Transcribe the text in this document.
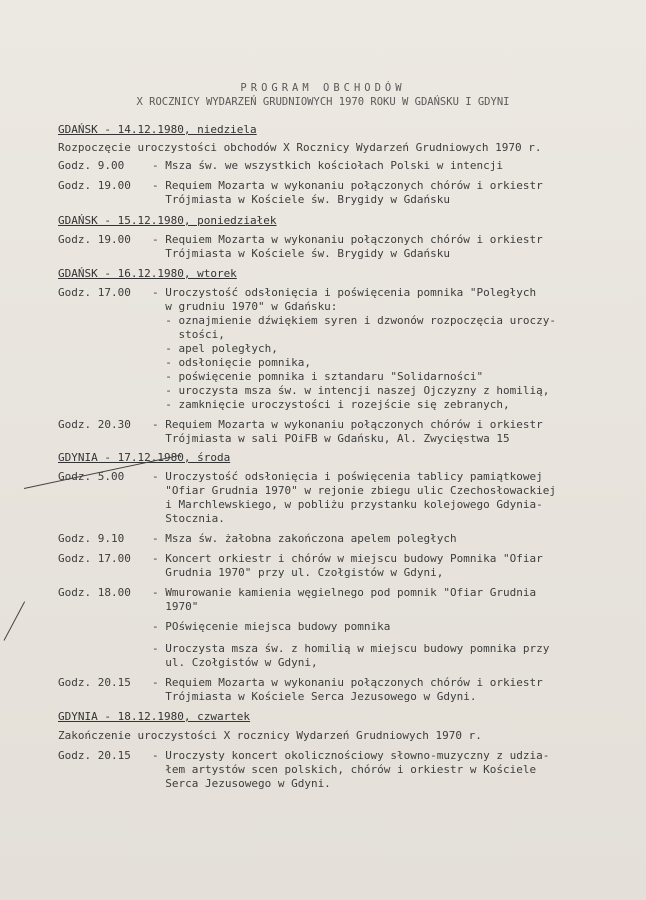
PROGRAM OBCHODÓW
X ROCZNICY WYDARZEŃ GRUDNIOWYCH 1970 ROKU W GDAŃSKU I GDYNI
GDAŃSK - 14.12.1980, niedziela
Rozpoczęcie uroczystości obchodów X Rocznicy Wydarzeń Grudniowych 1970 r.
Godz. 9.00	- Msza św. we wszystkich kościołach Polski w intencji
Godz. 19.00 - Requiem Mozarta w wykonaniu połączonych chórów i orkiestr
Trójmiasta w Kościele św. Brygidy w Gdańsku
GDAŃSK - 15.12.1980, poniedziałek
Godz. 19.00 - Requiem Mozarta w wykonaniu połączonych chórów i orkiestr
Trójmiasta w Kościele św. Brygidy w Gdańsku
GDAŃSK - 16.12.1980, wtorek
Godz. 17.00 - Uroczystość odsłonięcia i poświęcenia pomnika "Poległych
w grudniu 1970" w Gdańsku:
- oznajmienie dźwiękiem syren i dzwonów rozpoczęcia uroczy-
stości,
- apel poległych,
- odsłonięcie pomnika,
- poświęcenie pomnika i sztandaru "Solidarności"
- uroczysta msza św. w intencji naszej Ojczyzny z homilią,
- zamknięcie uroczystości i rozejście się zebranych,
Godz. 20.30 - Requiem Mozarta w wykonaniu połączonych chórów i orkiestr
Trójmiasta w sali POiFB w Gdańsku, Al. Zwycięstwa 15
GDYNIA - 17.12.1980, środa
Godz. 5.00	- Uroczystość odsłonięcia i poświęcenia tablicy pamiątkowej
"Ofiar Grudnia 1970" w rejonie zbiegu ulic Czechosłowackiej
i Marchlewskiego, w pobliżu przystanku kolejowego Gdynia-
Stocznia.
Godz. 9.10	- Msza św. żałobna zakończona apelem poległych
Godz. 17.00 - Koncert orkiestr i chórów w miejscu budowy Pomnika "Ofiar
Grudnia 1970" przy ul. Czołgistów w Gdyni,
Godz. 18.00 - Wmurowanie kamienia węgielnego pod pomnik "Ofiar Grudnia
1970"
- POświęcenie miejsca budowy pomnika
- Uroczysta msza św. z homilią w miejscu budowy pomnika przy
ul. Czołgistów w Gdyni,
Godz. 20.15 - Requiem Mozarta w wykonaniu połączonych chórów i orkiestr
Trójmiasta w Kościele Serca Jezusowego w Gdyni.
GDYNIA - 18.12.1980, czwartek
Zakończenie uroczystości X rocznicy Wydarzeń Grudniowych 1970 r.
Godz. 20.15 - Uroczysty koncert okolicznościowy słowno-muzyczny z udzia-
łem artystów scen polskich, chórów i orkiestr w Kościele
Serca Jezusowego w Gdyni.
